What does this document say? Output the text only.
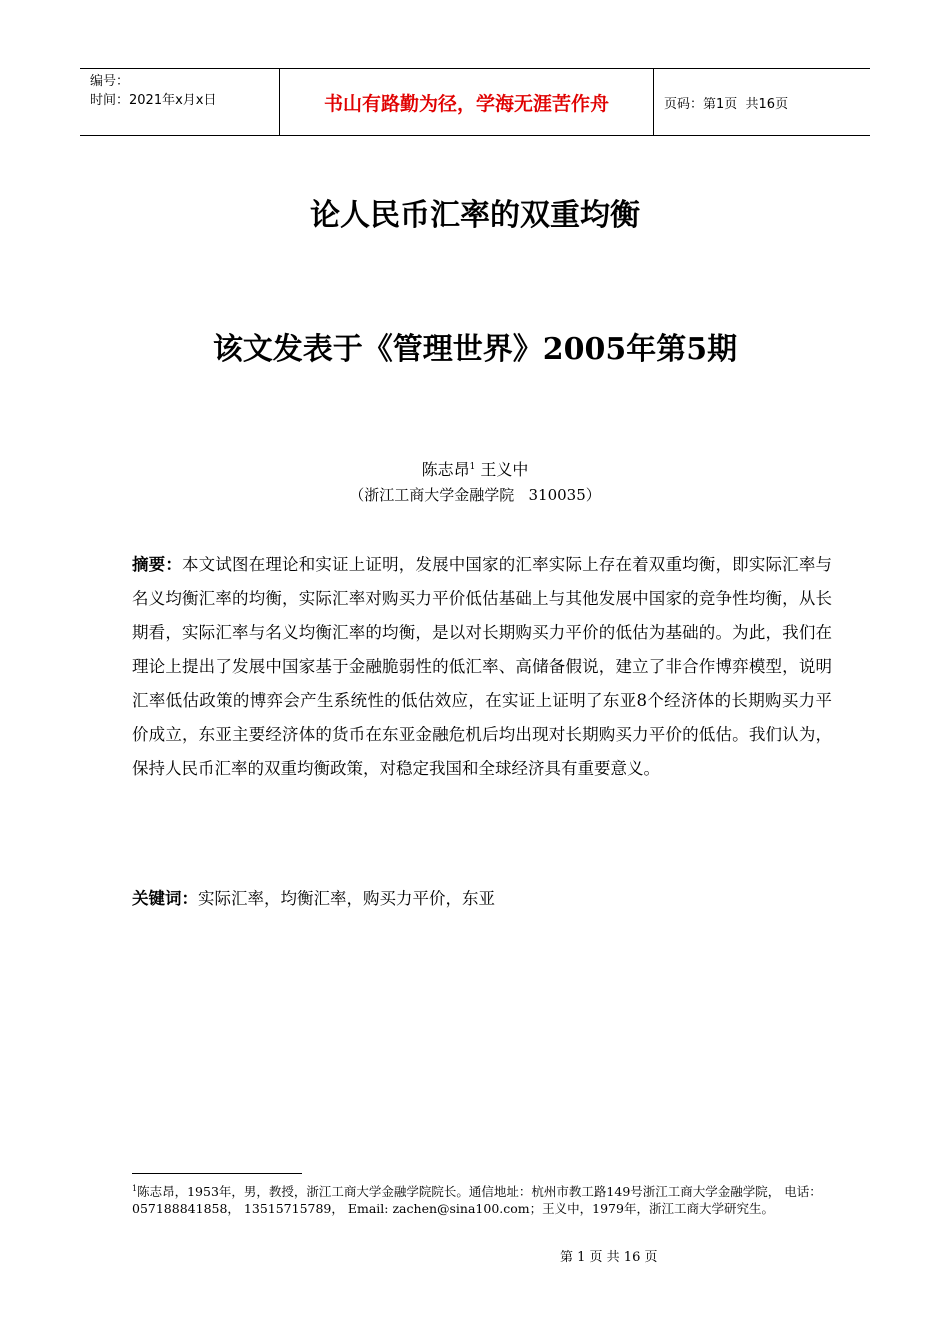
编号：
时间：2021年x月x日	书山有路勤为径，学海无涯苦作舟	页码：第1页  共16页
论人民币汇率的双重均衡
该文发表于《管理世界》2005年第5期
陈志昂$^1$ 王义中
（浙江工商大学金融学院   310035）
摘要：本文试图在理论和实证上证明，发展中国家的汇率实际上存在着双重均衡，即实际汇率与名义均衡汇率的均衡，实际汇率对购买力平价低估基础上与其他发展中国家的竞争性均衡，从长期看，实际汇率与名义均衡汇率的均衡，是以对长期购买力平价的低估为基础的。为此，我们在理论上提出了发展中国家基于金融脆弱性的低汇率、高储备假说，建立了非合作博弈模型，说明汇率低估政策的博弈会产生系统性的低估效应，在实证上证明了东亚8个经济体的长期购买力平价成立，东亚主要经济体的货币在东亚金融危机后均出现对长期购买力平价的低估。我们认为，保持人民币汇率的双重均衡政策，对稳定我国和全球经济具有重要意义。
关键词：实际汇率，均衡汇率，购买力平价，东亚
$^1$陈志昂，1953年，男，教授，浙江工商大学金融学院院长。通信地址：杭州市教工路149号浙江工商大学金融学院， 电话：057188841858， 13515715789， Email: zachen@sina100.com；王义中，1979年，浙江工商大学研究生。
第 1 页 共 16 页
